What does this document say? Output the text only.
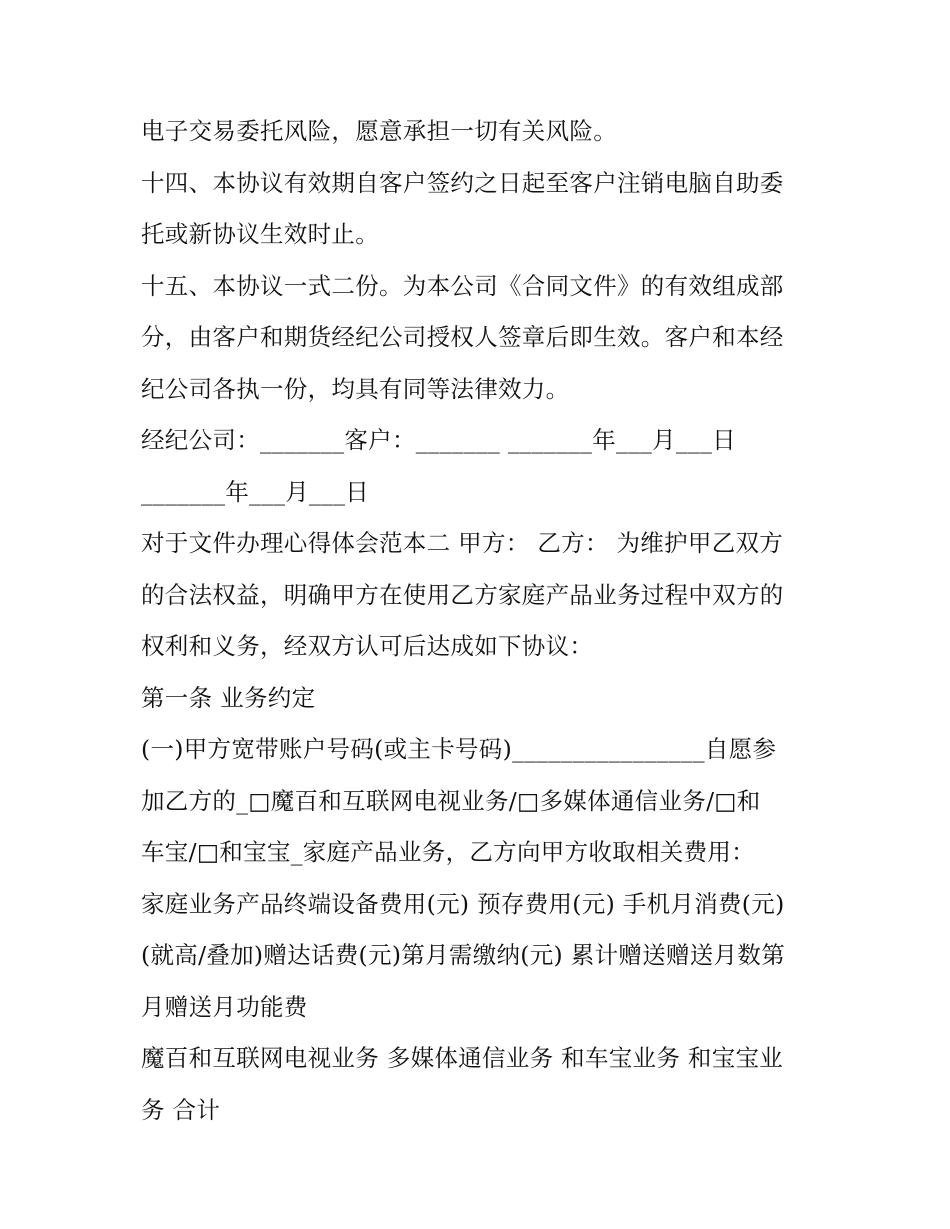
电子交易委托风险，愿意承担一切有关风险。
十四、本协议有效期自客户签约之日起至客户注销电脑自助委
托或新协议生效时止。
十五、本协议一式二份。为本公司《合同文件》的有效组成部
分，由客户和期货经纪公司授权人签章后即生效。客户和本经
纪公司各执一份，均具有同等法律效力。
经纪公司：_______客户：_______ _______年___月___日
_______年___月___日
对于文件办理心得体会范本二 甲方： 乙方： 为维护甲乙双方
的合法权益，明确甲方在使用乙方家庭产品业务过程中双方的
权利和义务，经双方认可后达成如下协议：
第一条 业务约定
(一)甲方宽带账户号码(或主卡号码)________________自愿参
加乙方的_□魔百和互联网电视业务/□多媒体通信业务/□和
车宝/□和宝宝_家庭产品业务，乙方向甲方收取相关费用：
家庭业务产品终端设备费用(元) 预存费用(元) 手机月消费(元)
(就高/叠加)赠达话费(元)第月需缴纳(元) 累计赠送赠送月数第
月赠送月功能费
魔百和互联网电视业务 多媒体通信业务 和车宝业务 和宝宝业
务 合计
